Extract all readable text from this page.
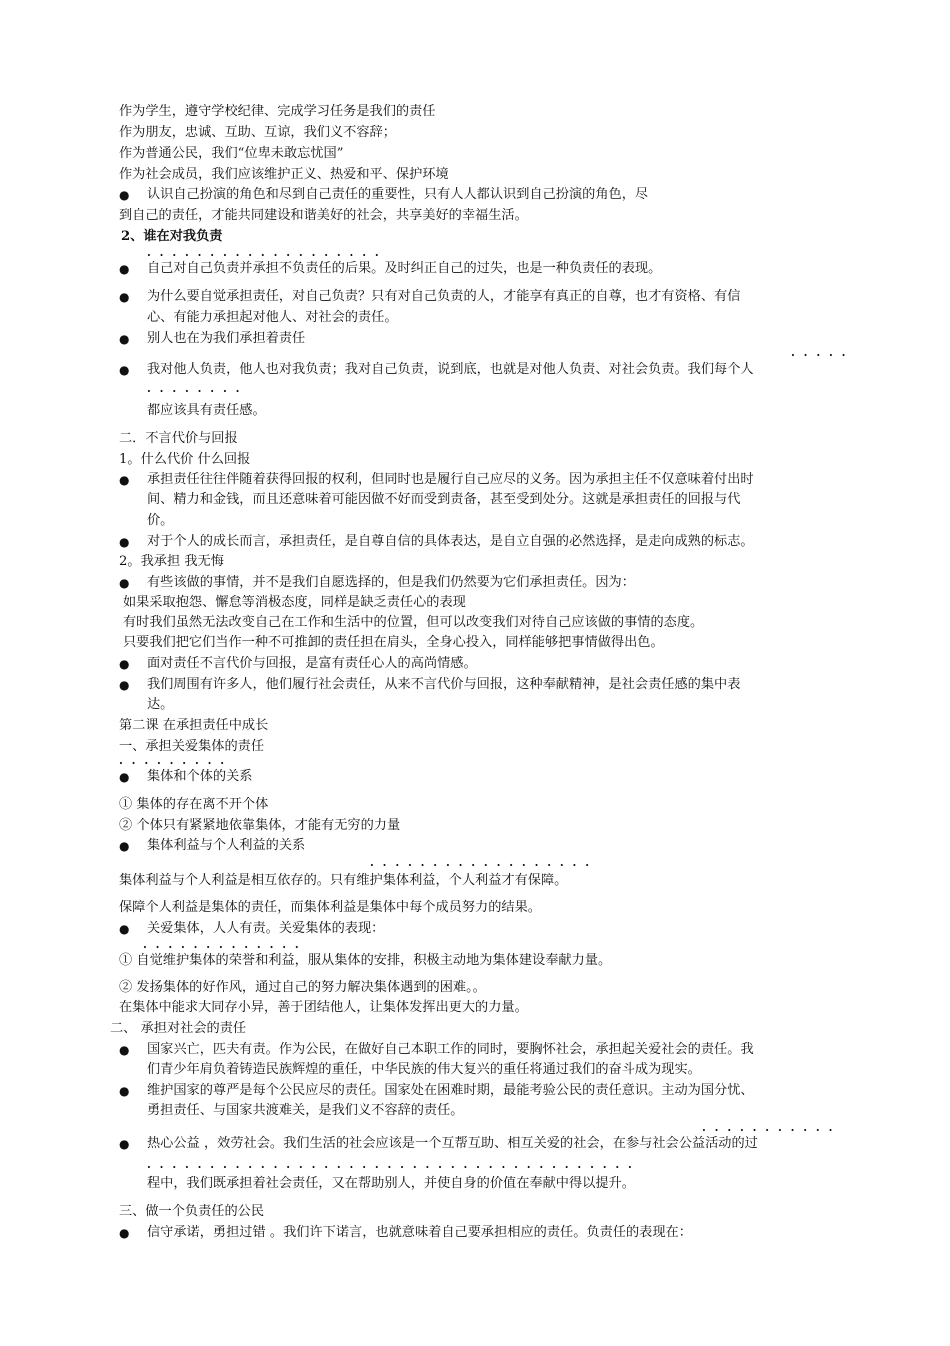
作为学生，遵守学校纪律、完成学习任务是我们的责任
作为朋友，忠诚、互助、互谅，我们义不容辞；
作为普通公民，我们“位卑未敢忘忧国”
作为社会成员，我们应该维护正义、热爱和平、保护环境
● 认识自己扮演的角色和尽到自己责任的重要性，只有人人都认识到自己扮演的角色，尽
到自己的责任，才能共同建设和谐美好的社会，共享美好的幸福生活。
2、谁在对我负责
. . . . . . . . . . . . . . . . . . .
● 自己对自己负责并承担不负责任的后果。及时纠正自己的过失，也是一种负责任的表现。
● 为什么要自觉承担责任，对自己负责？只有对自己负责的人，才能享有真正的自尊，也才有资格、有信
心、有能力承担起对他人、对社会的责任。
● 别人也在为我们承担着责任
. . . . .
● 我对他人负责，他人也对我负责；我对自己负责，说到底，也就是对他人负责、对社会负责。我们每个人
. . . . . . . .
都应该具有责任感。
二．不言代价与回报
1。什么代价 什么回报
● 承担责任往往伴随着获得回报的权利，但同时也是履行自己应尽的义务。因为承担主任不仅意味着付出时
间、精力和金钱，而且还意味着可能因做不好而受到责备，甚至受到处分。这就是承担责任的回报与代
价。
● 对于个人的成长而言，承担责任，是自尊自信的具体表达，是自立自强的必然选择，是走向成熟的标志。
2。我承担 我无悔
● 有些该做的事情，并不是我们自愿选择的，但是我们仍然要为它们承担责任。因为：
如果采取抱怨、懈怠等消极态度，同样是缺乏责任心的表现
有时我们虽然无法改变自己在工作和生活中的位置，但可以改变我们对待自己应该做的事情的态度。
只要我们把它们当作一种不可推卸的责任担在肩头，全身心投入，同样能够把事情做得出色。
● 面对责任不言代价与回报，是富有责任心人的高尚情感。
● 我们周围有许多人，他们履行社会责任，从来不言代价与回报，这种奉献精神，是社会责任感的集中表
达。
第二课 在承担责任中成长
一、承担关爱集体的责任
. . . . . . . . .
● 集体和个体的关系
① 集体的存在离不开个体
② 个体只有紧紧地依靠集体，才能有无穷的力量
● 集体利益与个人利益的关系
. . . . . . . . . . . . . . . . . .
集体利益与个人利益是相互依存的。只有维护集体利益，个人利益才有保障。
保障个人利益是集体的责任，而集体利益是集体中每个成员努力的结果。
● 关爱集体，人人有责。关爱集体的表现：
. . . . . . . . . . . . .
① 自觉维护集体的荣誉和利益，服从集体的安排，积极主动地为集体建设奉献力量。
② 发扬集体的好作风，通过自己的努力解决集体遇到的困难。。
在集体中能求大同存小异，善于团结他人，让集体发挥出更大的力量。
二、 承担对社会的责任
● 国家兴亡，匹夫有责。作为公民，在做好自己本职工作的同时，要胸怀社会，承担起关爱社会的责任。我
们青少年肩负着铸造民族辉煌的重任，中华民族的伟大复兴的重任将通过我们的奋斗成为现实。
● 维护国家的尊严是每个公民应尽的责任。国家处在困难时期，最能考验公民的责任意识。主动为国分忧、
勇担责任、与国家共渡难关，是我们义不容辞的责任。
. . . . . . . . . . .
● 热心公益 ，效劳社会。我们生活的社会应该是一个互帮互助、相互关爱的社会，在参与社会公益活动的过
. . . . . . . . . . . . . . . . . . . . . . . . . . . . . . . . . . . . . . .
程中，我们既承担着社会责任，又在帮助别人，并使自身的价值在奉献中得以提升。
三、做一个负责任的公民
● 信守承诺，勇担过错 。我们许下诺言，也就意味着自己要承担相应的责任。负责任的表现在：
